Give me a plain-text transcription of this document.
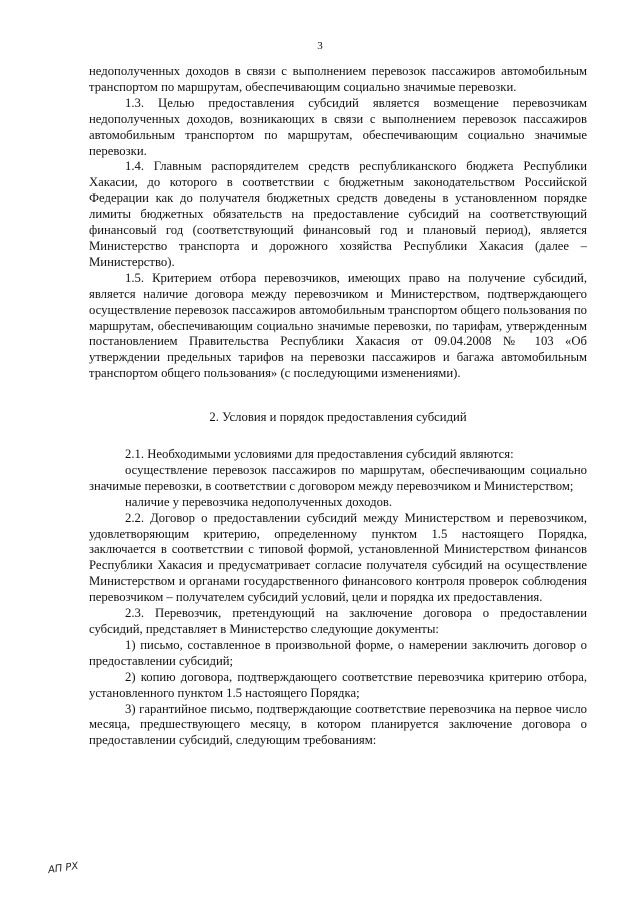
3

недополученных доходов в связи с выполнением перевозок пассажиров автомобильным транспортом по маршрутам, обеспечивающим социально значимые перевозки.

1.3. Целью предоставления субсидий является возмещение перевозчикам недополученных доходов, возникающих в связи с выполнением перевозок пассажиров автомобильным транспортом по маршрутам, обеспечивающим социально значимые перевозки.

1.4. Главным распорядителем средств республиканского бюджета Республики Хакасии, до которого в соответствии с бюджетным законодательством Российской Федерации как до получателя бюджетных средств доведены в установленном порядке лимиты бюджетных обязательств на предоставление субсидий на соответствующий финансовый год (соответствующий финансовый год и плановый период), является Министерство транспорта и дорожного хозяйства Республики Хакасия (далее – Министерство).

1.5. Критерием отбора перевозчиков, имеющих право на получение субсидий, является наличие договора между перевозчиком и Министерством, подтверждающего осуществление перевозок пассажиров автомобильным транспортом общего пользования по маршрутам, обеспечивающим социально значимые перевозки, по тарифам, утвержденным постановлением Правительства Республики Хакасия от 09.04.2008 № 103 «Об утверждении предельных тарифов на перевозки пассажиров и багажа автомобильным транспортом общего пользования» (с последующими изменениями).

2. Условия и порядок предоставления субсидий

2.1. Необходимыми условиями для предоставления субсидий являются:

осуществление перевозок пассажиров по маршрутам, обеспечивающим социально значимые перевозки, в соответствии с договором между перевозчиком и Министерством;

наличие у перевозчика недополученных доходов.

2.2. Договор о предоставлении субсидий между Министерством и перевозчиком, удовлетворяющим критерию, определенному пунктом 1.5 настоящего Порядка, заключается в соответствии с типовой формой, установленной Министерством финансов Республики Хакасия и предусматривает согласие получателя субсидий на осуществление Министерством и органами государственного финансового контроля проверок соблюдения перевозчиком – получателем субсидий условий, цели и порядка их предоставления.

2.3. Перевозчик, претендующий на заключение договора о предоставлении субсидий, представляет в Министерство следующие документы:

1) письмо, составленное в произвольной форме, о намерении заключить договор о предоставлении субсидий;

2) копию договора, подтверждающего соответствие перевозчика критерию отбора, установленного пунктом 1.5 настоящего Порядка;

3) гарантийное письмо, подтверждающие соответствие перевозчика на первое число месяца, предшествующего месяцу, в котором планируется заключение договора о предоставлении субсидий, следующим требованиям:

АП РХ
